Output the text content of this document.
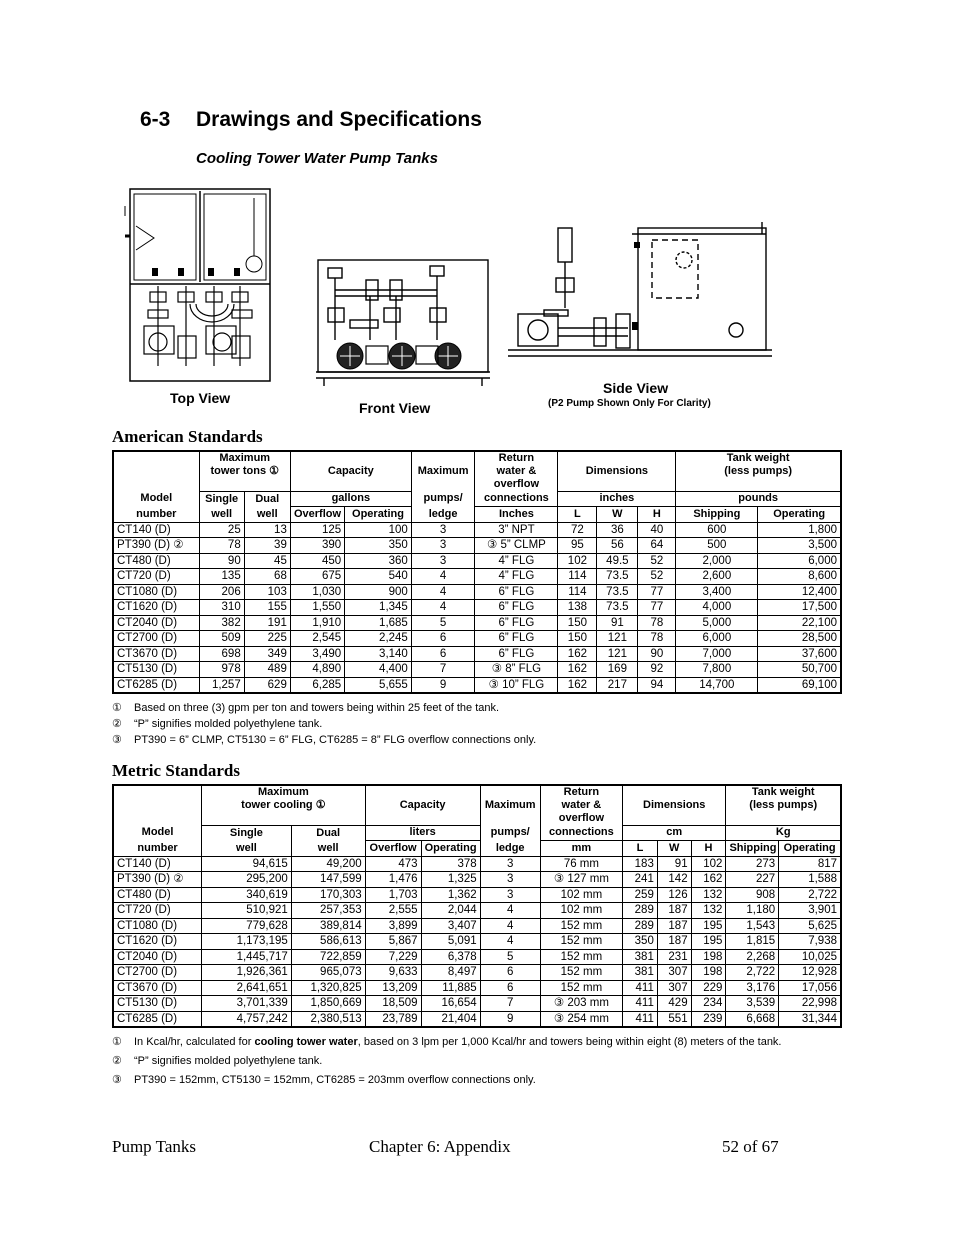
6-3 Drawings and Specifications
Cooling Tower Water Pump Tanks
Top View
Front View
Side View
(P2 Pump Shown Only For Clarity)
American Standards
	Maximum
tower tons ①		Capacity		Maximum	Return
water &
overflow	Dimensions			Tank weight
(less pumps)	
Model	Single	Dual	gallons		pumps/	connections	inches			pounds	
number	well	well	Overflow	Operating	ledge	Inches	L	W	H	Shipping	Operating
CT140 (D)	25	13	125	100	3	3” NPT	72	36	40	600	1,800
PT390 (D) ②	78	39	390	350	3	③ 5” CLMP	95	56	64	500	3,500
CT480 (D)	90	45	450	360	3	4” FLG	102	49.5	52	2,000	6,000
CT720 (D)	135	68	675	540	4	4” FLG	114	73.5	52	2,600	8,600
CT1080 (D)	206	103	1,030	900	4	6” FLG	114	73.5	77	3,400	12,400
CT1620 (D)	310	155	1,550	1,345	4	6” FLG	138	73.5	77	4,000	17,500
CT2040 (D)	382	191	1,910	1,685	5	6” FLG	150	91	78	5,000	22,100
CT2700 (D)	509	225	2,545	2,245	6	6” FLG	150	121	78	6,000	28,500
CT3670 (D)	698	349	3,490	3,140	6	6” FLG	162	121	90	7,000	37,600
CT5130 (D)	978	489	4,890	4,400	7	③ 8” FLG	162	169	92	7,800	50,700
CT6285 (D)	1,257	629	6,285	5,655	9	③ 10” FLG	162	217	94	14,700	69,100
① Based on three (3) gpm per ton and towers being within 25 feet of the tank.
② “P” signifies molded polyethylene tank.
③ PT390 = 6” CLMP, CT5130 = 6” FLG, CT6285 = 8” FLG overflow connections only.
Metric Standards
	Maximum
tower cooling ①		Capacity		Maximum	Return
water &
overflow	Dimensions			Tank weight
(less pumps)	
Model	Single	Dual	liters		pumps/	connections	cm			Kg	
number	well	well	Overflow	Operating	ledge	mm	L	W	H	Shipping	Operating
CT140 (D)	94,615	49,200	473	378	3	76 mm	183	91	102	273	817
PT390 (D) ②	295,200	147,599	1,476	1,325	3	③ 127 mm	241	142	162	227	1,588
CT480 (D)	340,619	170,303	1,703	1,362	3	102 mm	259	126	132	908	2,722
CT720 (D)	510,921	257,353	2,555	2,044	4	102 mm	289	187	132	1,180	3,901
CT1080 (D)	779,628	389,814	3,899	3,407	4	152 mm	289	187	195	1,543	5,625
CT1620 (D)	1,173,195	586,613	5,867	5,091	4	152 mm	350	187	195	1,815	7,938
CT2040 (D)	1,445,717	722,859	7,229	6,378	5	152 mm	381	231	198	2,268	10,025
CT2700 (D)	1,926,361	965,073	9,633	8,497	6	152 mm	381	307	198	2,722	12,928
CT3670 (D)	2,641,651	1,320,825	13,209	11,885	6	152 mm	411	307	229	3,176	17,056
CT5130 (D)	3,701,339	1,850,669	18,509	16,654	7	③ 203 mm	411	429	234	3,539	22,998
CT6285 (D)	4,757,242	2,380,513	23,789	21,404	9	③ 254 mm	411	551	239	6,668	31,344
① In Kcal/hr, calculated for cooling tower water, based on 3 lpm per 1,000 Kcal/hr and towers being within eight (8) meters of the tank.
② “P” signifies molded polyethylene tank.
③ PT390 = 152mm, CT5130 = 152mm, CT6285 = 203mm overflow connections only.
Pump Tanks	Chapter 6: Appendix	52 of 67
